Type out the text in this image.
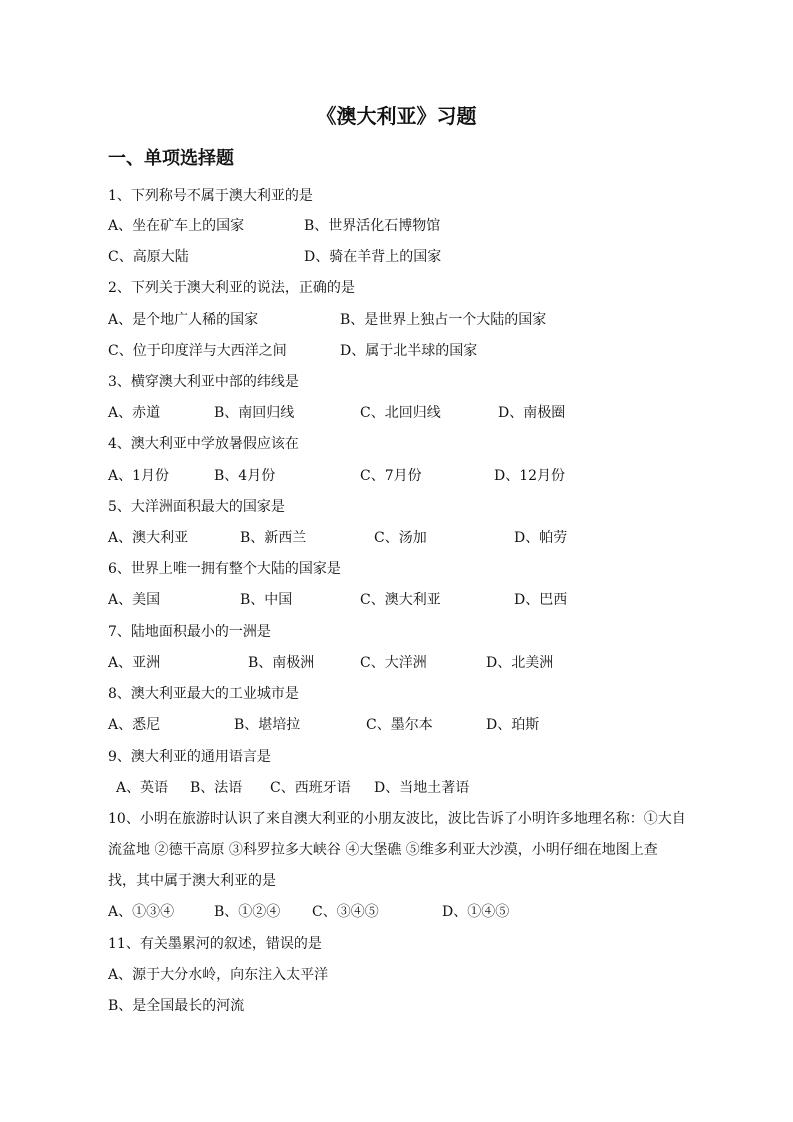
《澳大利亚》习题
一、单项选择题
1、下列称号不属于澳大利亚的是
A、坐在矿车上的国家	B、世界活化石博物馆
C、高原大陆	D、骑在羊背上的国家
2、下列关于澳大利亚的说法，正确的是
A、是个地广人稀的国家	B、是世界上独占一个大陆的国家
C、位于印度洋与大西洋之间	D、属于北半球的国家
3、横穿澳大利亚中部的纬线是
A、赤道	B、南回归线	C、北回归线	D、南极圈
4、澳大利亚中学放暑假应该在
A、1月份	B、4月份	C、7月份	D、12月份
5、大洋洲面积最大的国家是
A、澳大利亚	B、新西兰	C、汤加	D、帕劳
6、世界上唯一拥有整个大陆的国家是
A、美国	B、中国	C、澳大利亚	D、巴西
7、陆地面积最小的一洲是
A、亚洲	B、南极洲	C、大洋洲	D、北美洲
8、澳大利亚最大的工业城市是
A、悉尼	B、堪培拉	C、墨尔本	D、珀斯
9、澳大利亚的通用语言是
A、英语 B、法语 C、西班牙语 D、当地土著语
10、小明在旅游时认识了来自澳大利亚的小朋友波比，波比告诉了小明许多地理名称：①大自
流盆地 ②德干高原 ③科罗拉多大峡谷 ④大堡礁 ⑤维多利亚大沙漠，小明仔细在地图上查
找，其中属于澳大利亚的是
A、①③④	B、①②④ C、③④⑤	D、①④⑤
11、有关墨累河的叙述，错误的是
A、源于大分水岭，向东注入太平洋
B、是全国最长的河流
